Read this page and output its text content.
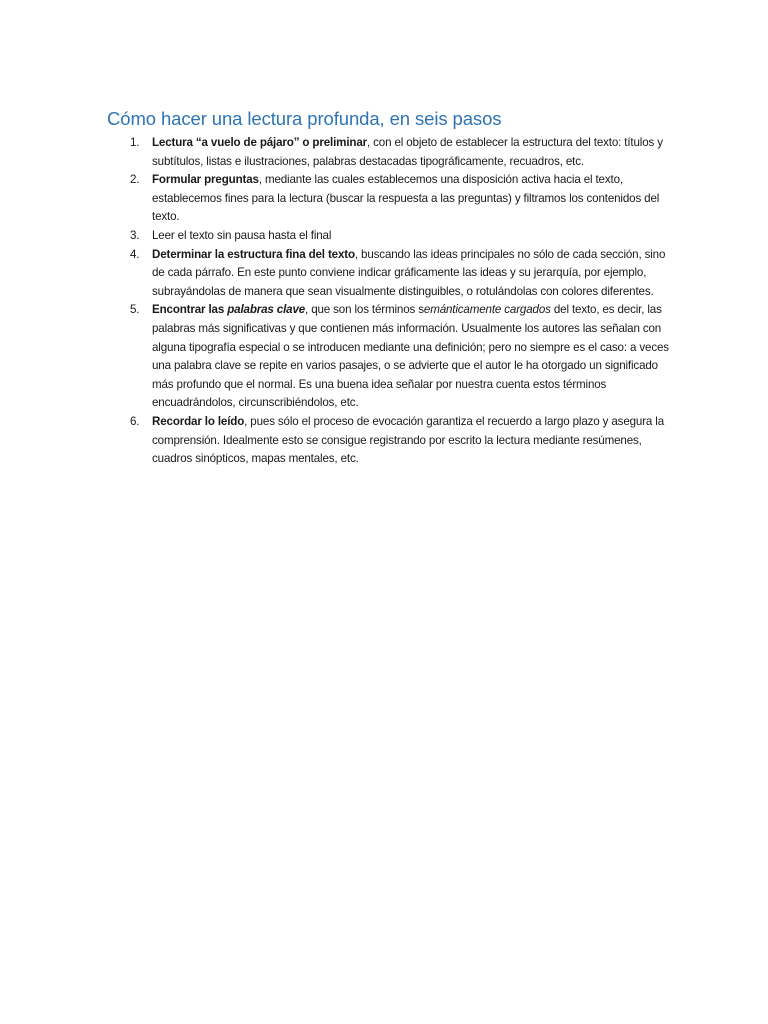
Cómo hacer una lectura profunda, en seis pasos
1.	Lectura “a vuelo de pájaro” o preliminar, con el objeto de establecer la estructura del texto: títulos y subtítulos, listas e ilustraciones, palabras destacadas tipográficamente, recuadros, etc.
2.	Formular preguntas, mediante las cuales establecemos una disposición activa hacia el texto, establecemos fines para la lectura (buscar la respuesta a las preguntas) y filtramos los contenidos del texto.
3.	Leer el texto sin pausa hasta el final
4.	Determinar la estructura fina del texto, buscando las ideas principales no sólo de cada sección, sino de cada párrafo. En este punto conviene indicar gráficamente las ideas y su jerarquía, por ejemplo, subrayándolas de manera que sean visualmente distinguibles, o rotulándolas con colores diferentes.
5.	Encontrar las palabras clave, que son los términos semánticamente cargados del texto, es decir, las palabras más significativas y que contienen más información. Usualmente los autores las señalan con alguna tipografía especial o se introducen mediante una definición; pero no siempre es el caso: a veces una palabra clave se repite en varios pasajes, o se advierte que el autor le ha otorgado un significado más profundo que el normal. Es una buena idea señalar por nuestra cuenta estos términos encuadrándolos, circunscribiéndolos, etc.
6.	Recordar lo leído, pues sólo el proceso de evocación garantiza el recuerdo a largo plazo y asegura la comprensión. Idealmente esto se consigue registrando por escrito la lectura mediante resúmenes, cuadros sinópticos, mapas mentales, etc.
